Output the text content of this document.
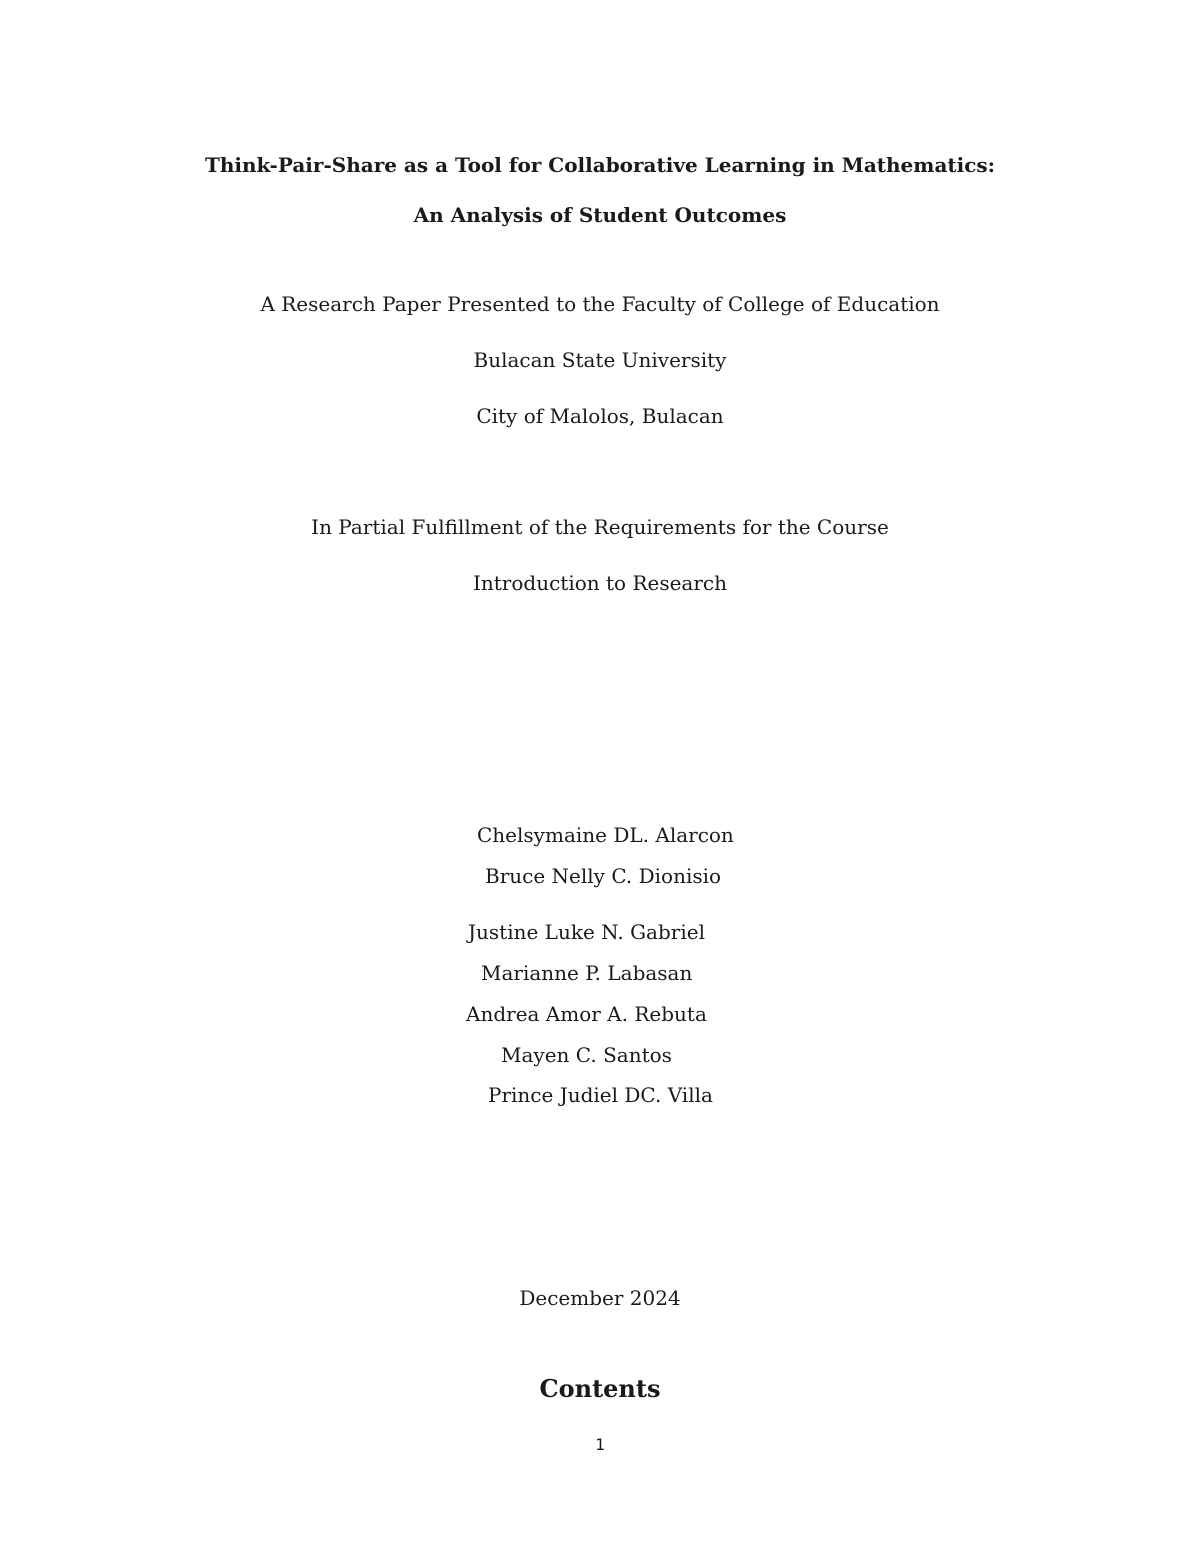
Think-Pair-Share as a Tool for Collaborative Learning in Mathematics:
An Analysis of Student Outcomes
A Research Paper Presented to the Faculty of College of Education
Bulacan State University
City of Malolos, Bulacan
In Partial Fulfillment of the Requirements for the Course
Introduction to Research
Chelsymaine DL. Alarcon
Bruce Nelly C. Dionisio
Justine Luke N. Gabriel
Marianne P. Labasan
Andrea Amor A. Rebuta
Mayen C. Santos
Prince Judiel DC. Villa
December 2024
Contents
1
